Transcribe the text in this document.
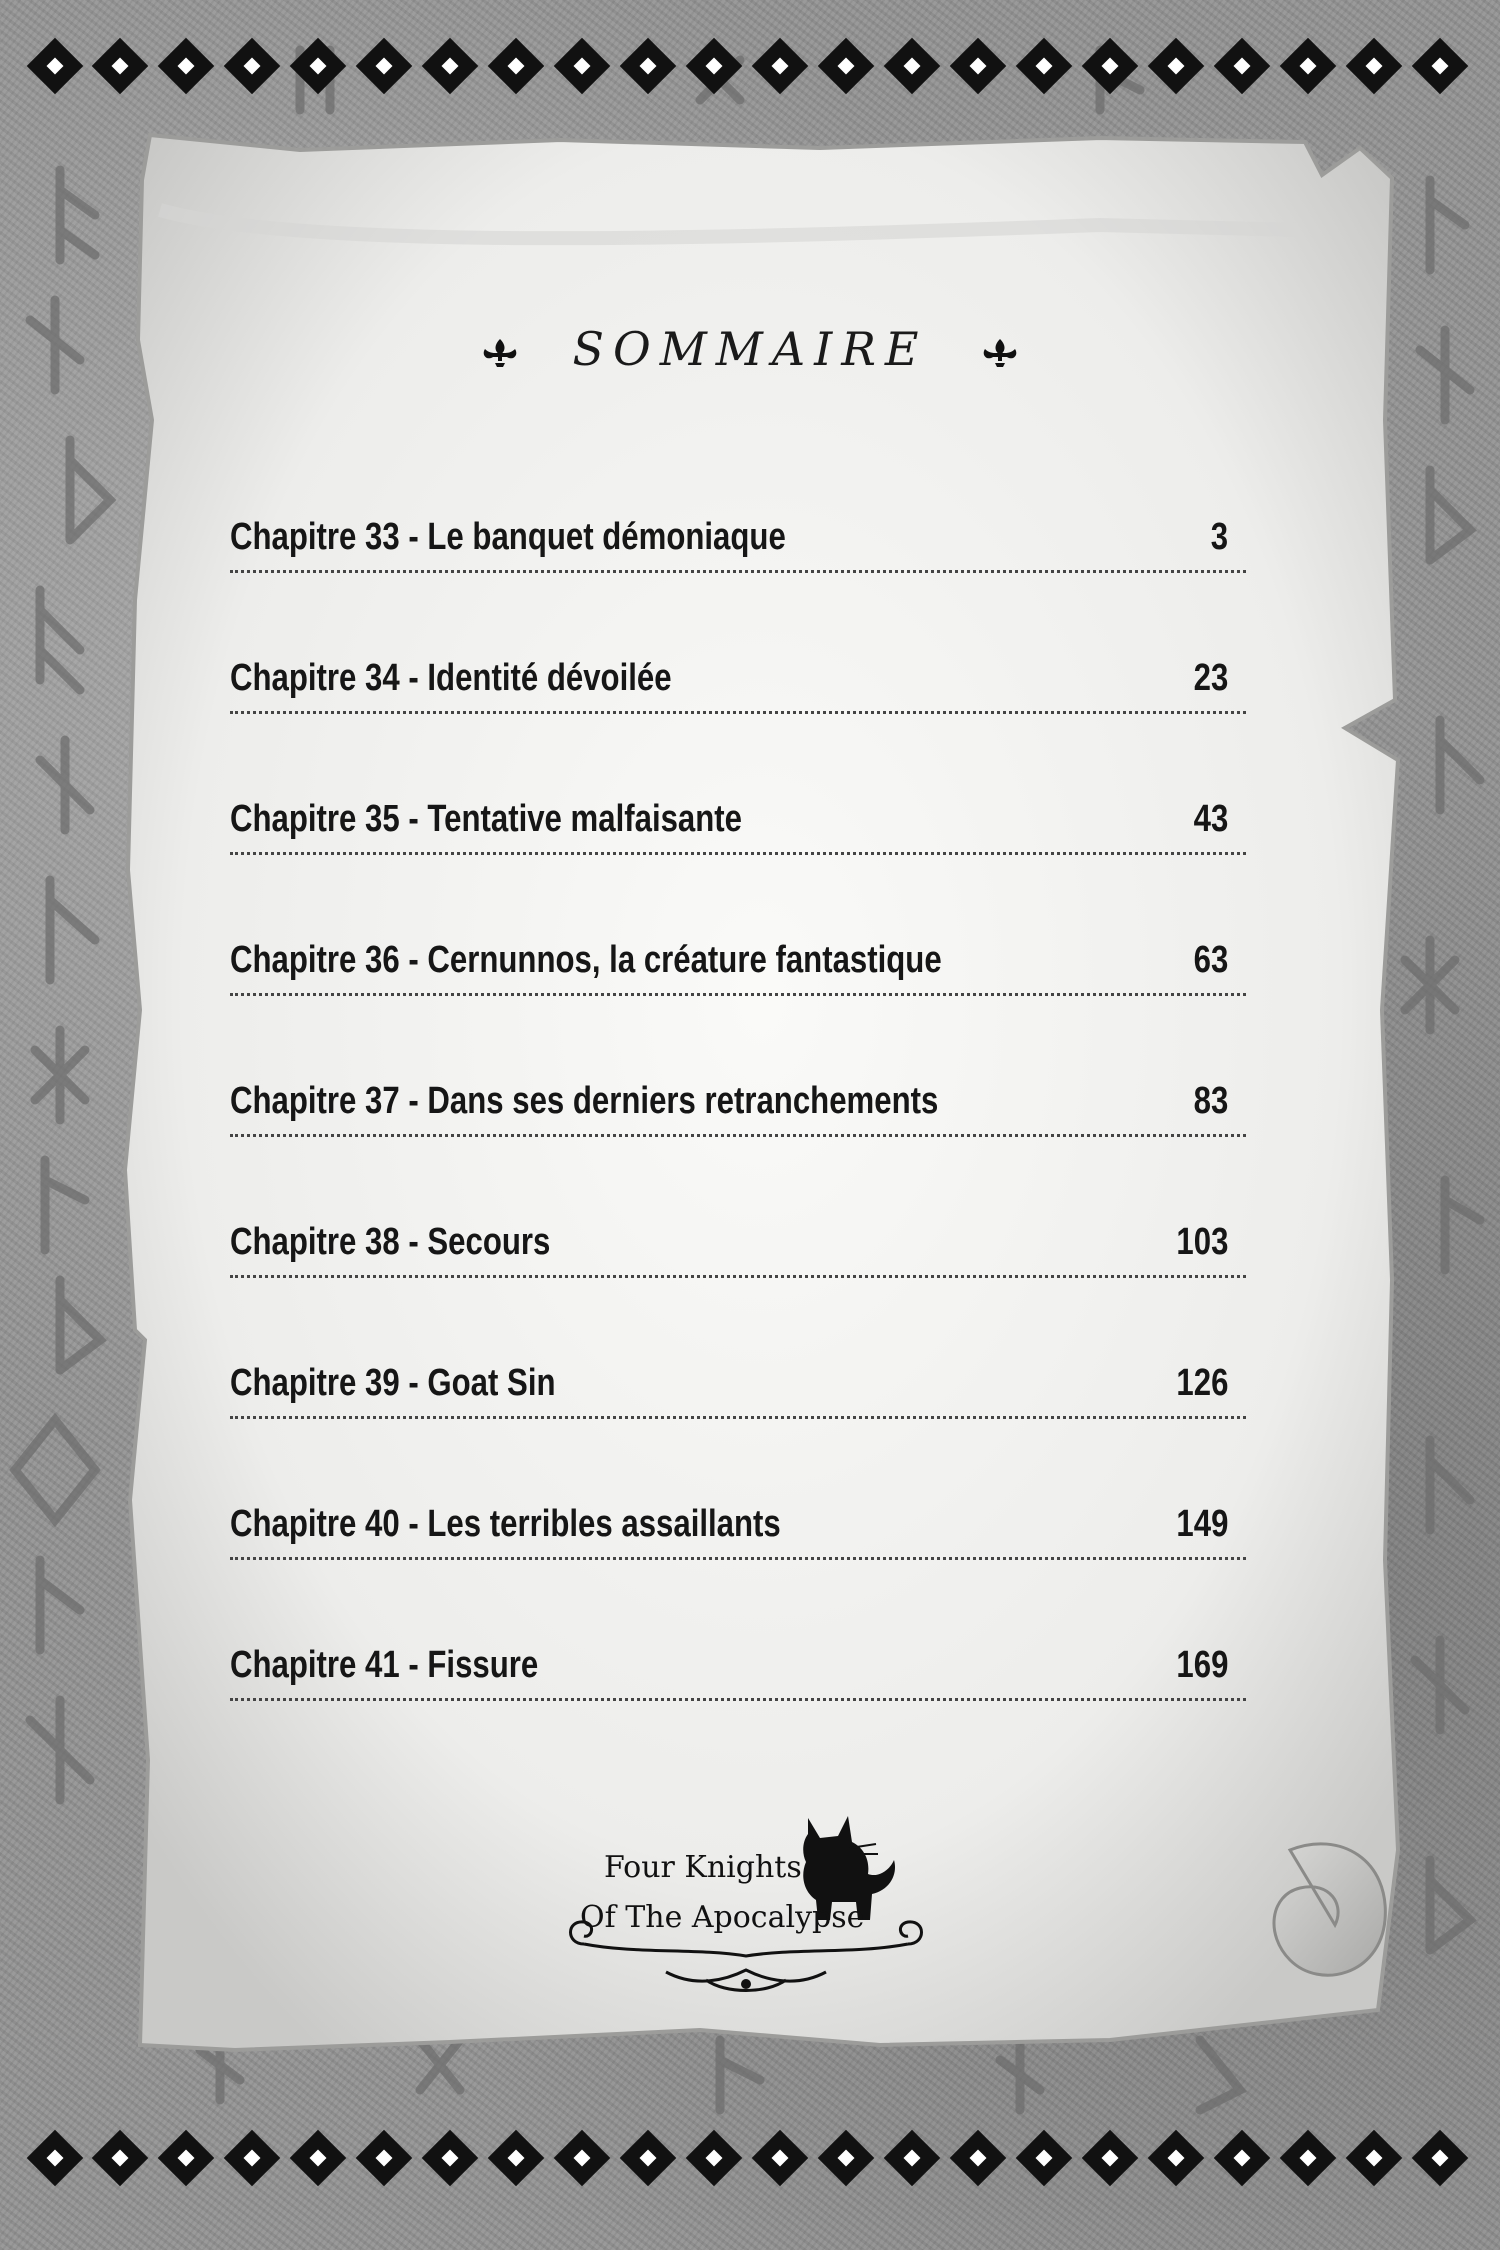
SOMMAIRE
Chapitre 33 - Le banquet démoniaque	3
Chapitre 34 - Identité dévoilée	23
Chapitre 35 - Tentative malfaisante	43
Chapitre 36 - Cernunnos, la créature fantastique	63
Chapitre 37 - Dans ses derniers retranchements	83
Chapitre 38 - Secours	103
Chapitre 39 - Goat Sin	126
Chapitre 40 - Les terribles assaillants	149
Chapitre 41 - Fissure	169
Four Knights
Of The Apocalypse
